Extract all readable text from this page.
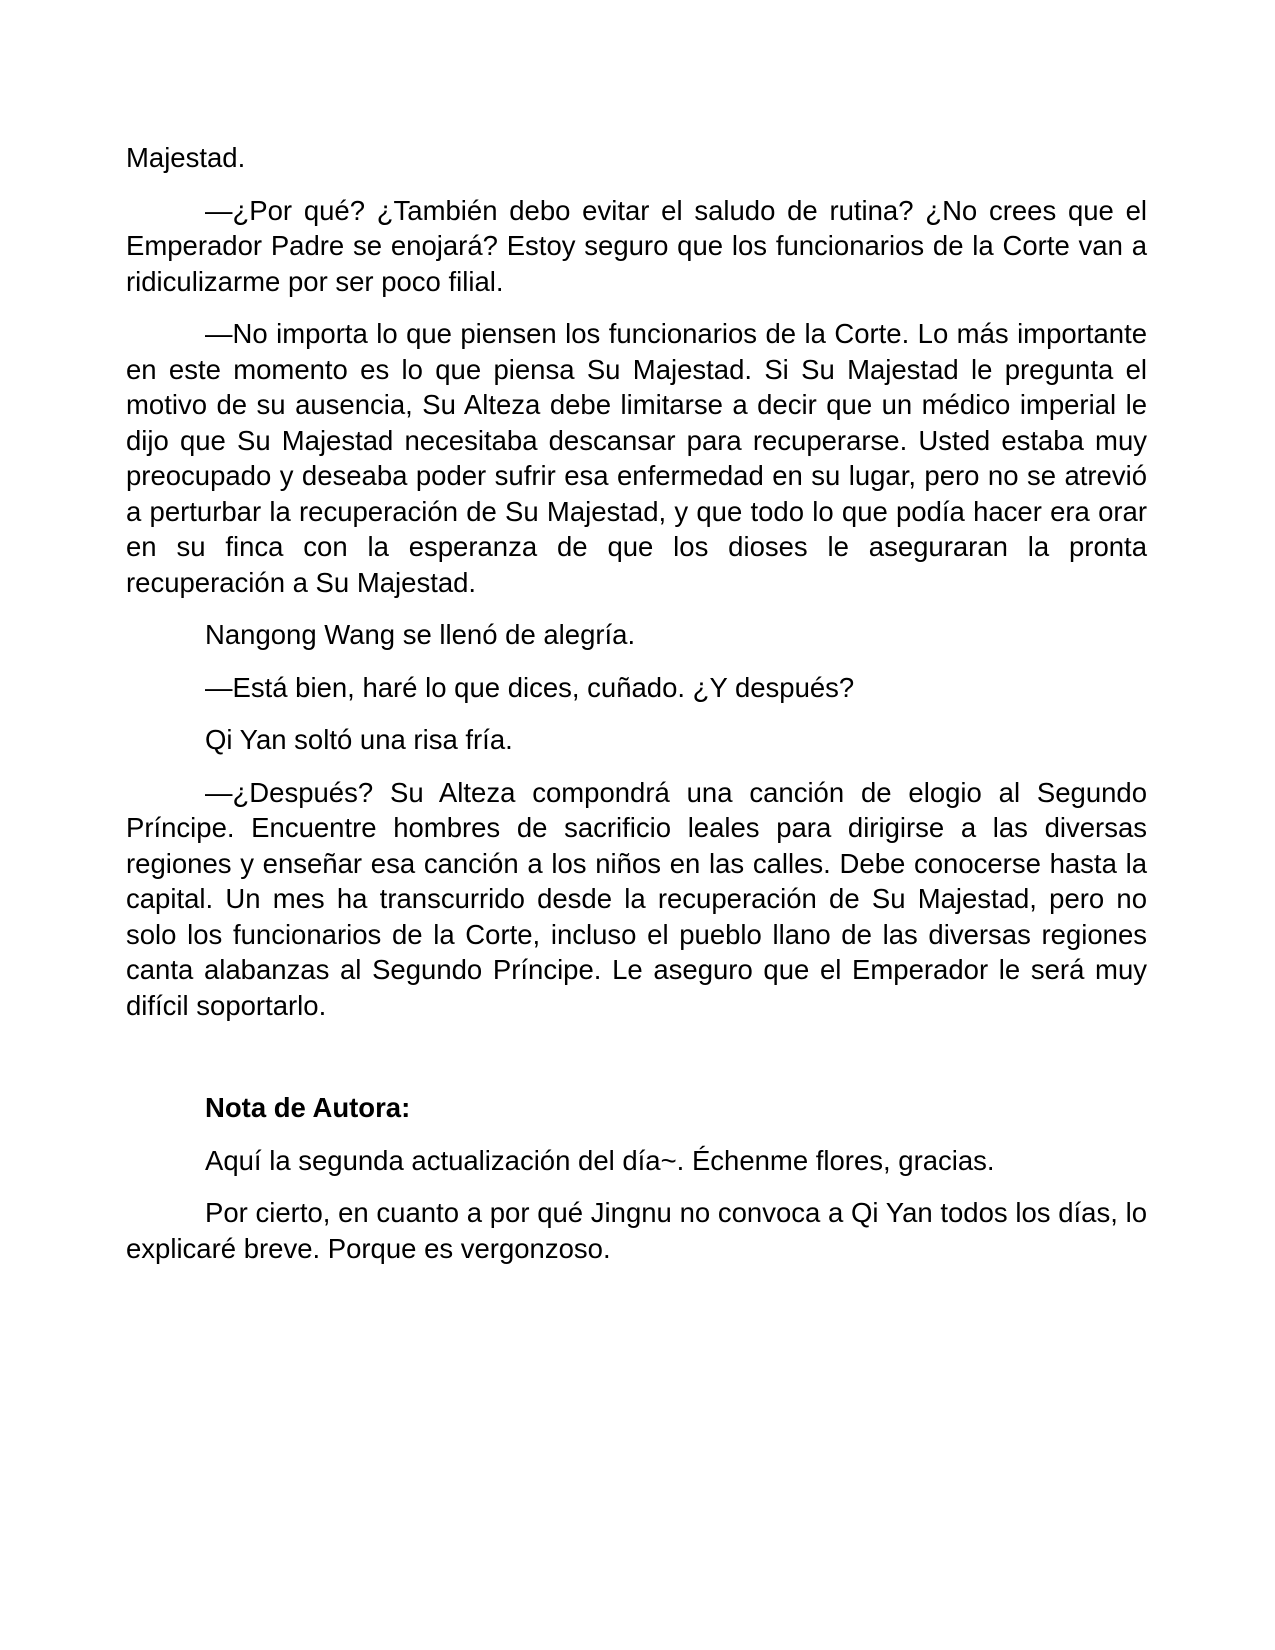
Majestad.

—¿Por qué? ¿También debo evitar el saludo de rutina? ¿No crees que el Emperador Padre se enojará? Estoy seguro que los funcionarios de la Corte van a ridiculizarme por ser poco filial.

—No importa lo que piensen los funcionarios de la Corte. Lo más importante en este momento es lo que piensa Su Majestad. Si Su Majestad le pregunta el motivo de su ausencia, Su Alteza debe limitarse a decir que un médico imperial le dijo que Su Majestad necesitaba descansar para recuperarse. Usted estaba muy preocupado y deseaba poder sufrir esa enfermedad en su lugar, pero no se atrevió a perturbar la recuperación de Su Majestad, y que todo lo que podía hacer era orar en su finca con la esperanza de que los dioses le aseguraran la pronta recuperación a Su Majestad.

Nangong Wang se llenó de alegría.

—Está bien, haré lo que dices, cuñado. ¿Y después?

Qi Yan soltó una risa fría.

—¿Después? Su Alteza compondrá una canción de elogio al Segundo Príncipe. Encuentre hombres de sacrificio leales para dirigirse a las diversas regiones y enseñar esa canción a los niños en las calles. Debe conocerse hasta la capital. Un mes ha transcurrido desde la recuperación de Su Majestad, pero no solo los funcionarios de la Corte, incluso el pueblo llano de las diversas regiones canta alabanzas al Segundo Príncipe. Le aseguro que el Emperador le será muy difícil soportarlo.

Nota de Autora:

Aquí la segunda actualización del día~. Échenme flores, gracias.

Por cierto, en cuanto a por qué Jingnu no convoca a Qi Yan todos los días, lo explicaré breve. Porque es vergonzoso.
